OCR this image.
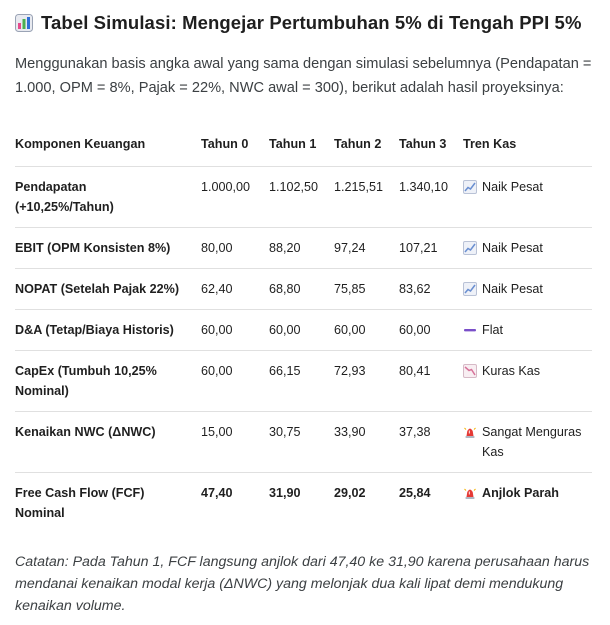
Tabel Simulasi: Mengejar Pertumbuhan 5% di Tengah PPI 5%
Menggunakan basis angka awal yang sama dengan simulasi sebelumnya (Pendapatan = 1.000, OPM = 8%, Pajak = 22%, NWC awal = 300), berikut adalah hasil proyeksinya:
Komponen Keuangan	Tahun 0	Tahun 1	Tahun 2	Tahun 3	Tren Kas

Pendapatan
(+10,25%/Tahun)	1.000,00	1.102,50	1.215,51	1.340,10	Naik Pesat

EBIT (OPM Konsisten 8%)	80,00	88,20	97,24	107,21	Naik Pesat

NOPAT (Setelah Pajak 22%)	62,40	68,80	75,85	83,62	Naik Pesat

D&A (Tetap/Biaya Historis)	60,00	60,00	60,00	60,00	Flat

CapEx (Tumbuh 10,25%
Nominal)	60,00	66,15	72,93	80,41	Kuras Kas

Kenaikan NWC (ΔNWC)	15,00	30,75	33,90	37,38	Sangat Menguras Kas

Free Cash Flow (FCF)
Nominal	47,40	31,90	29,02	25,84	Anjlok Parah
Catatan: Pada Tahun 1, FCF langsung anjlok dari 47,40 ke 31,90 karena perusahaan harus mendanai kenaikan modal kerja (ΔNWC) yang melonjak dua kali lipat demi mendukung kenaikan volume.
